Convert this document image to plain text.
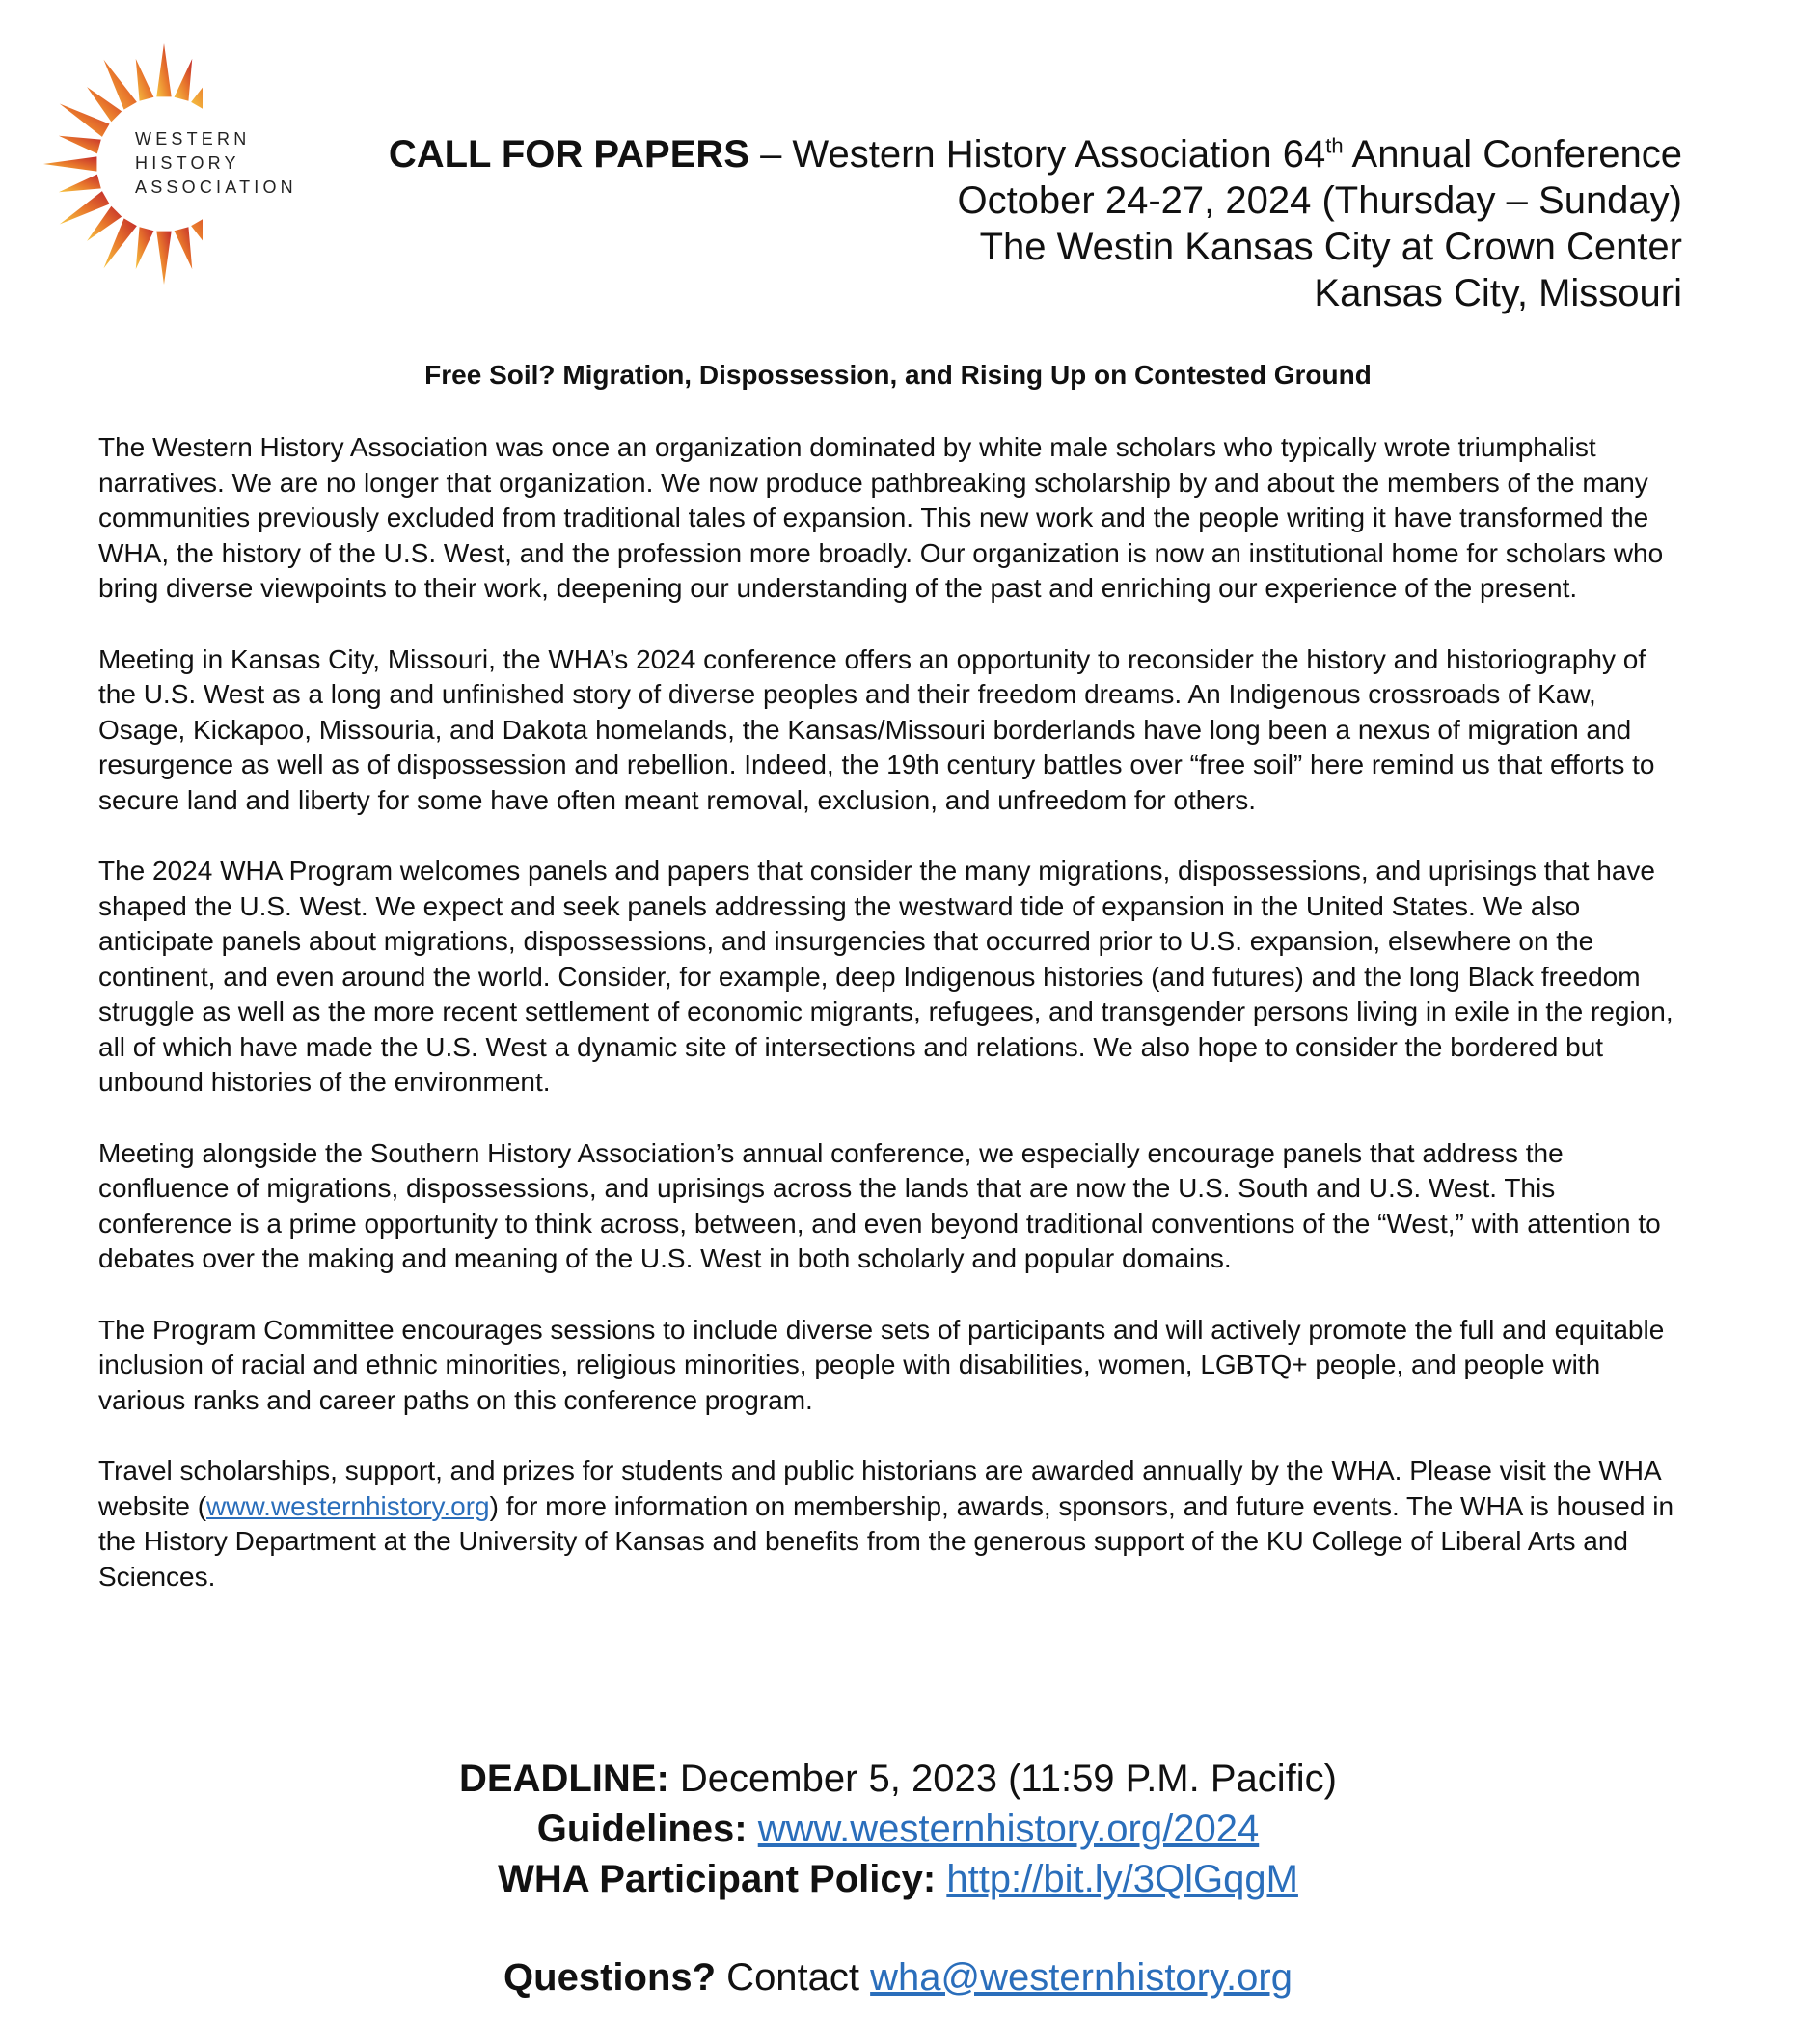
WESTERN
HISTORY
ASSOCIATION
CALL FOR PAPERS – Western History Association 64th Annual Conference
October 24-27, 2024 (Thursday – Sunday)
The Westin Kansas City at Crown Center
Kansas City, Missouri
Free Soil? Migration, Dispossession, and Rising Up on Contested Ground

The Western History Association was once an organization dominated by white male scholars who typically wrote triumphalist narratives. We are no longer that organization. We now produce pathbreaking scholarship by and about the members of the many communities previously excluded from traditional tales of expansion. This new work and the people writing it have transformed the WHA, the history of the U.S. West, and the profession more broadly. Our organization is now an institutional home for scholars who bring diverse viewpoints to their work, deepening our understanding of the past and enriching our experience of the present.

Meeting in Kansas City, Missouri, the WHA’s 2024 conference offers an opportunity to reconsider the history and historiography of the U.S. West as a long and unfinished story of diverse peoples and their freedom dreams. An Indigenous crossroads of Kaw, Osage, Kickapoo, Missouria, and Dakota homelands, the Kansas/Missouri borderlands have long been a nexus of migration and resurgence as well as of dispossession and rebellion. Indeed, the 19th century battles over “free soil” here remind us that efforts to secure land and liberty for some have often meant removal, exclusion, and unfreedom for others.

The 2024 WHA Program welcomes panels and papers that consider the many migrations, dispossessions, and uprisings that have shaped the U.S. West. We expect and seek panels addressing the westward tide of expansion in the United States. We also anticipate panels about migrations, dispossessions, and insurgencies that occurred prior to U.S. expansion, elsewhere on the continent, and even around the world. Consider, for example, deep Indigenous histories (and futures) and the long Black freedom struggle as well as the more recent settlement of economic migrants, refugees, and transgender persons living in exile in the region, all of which have made the U.S. West a dynamic site of intersections and relations. We also hope to consider the bordered but unbound histories of the environment.

Meeting alongside the Southern History Association’s annual conference, we especially encourage panels that address the confluence of migrations, dispossessions, and uprisings across the lands that are now the U.S. South and U.S. West. This conference is a prime opportunity to think across, between, and even beyond traditional conventions of the “West,” with attention to debates over the making and meaning of the U.S. West in both scholarly and popular domains.

The Program Committee encourages sessions to include diverse sets of participants and will actively promote the full and equitable inclusion of racial and ethnic minorities, religious minorities, people with disabilities, women, LGBTQ+ people, and people with various ranks and career paths on this conference program.

Travel scholarships, support, and prizes for students and public historians are awarded annually by the WHA. Please visit the WHA website (www.westernhistory.org) for more information on membership, awards, sponsors, and future events. The WHA is housed in the History Department at the University of Kansas and benefits from the generous support of the KU College of Liberal Arts and Sciences.

DEADLINE: December 5, 2023 (11:59 P.M. Pacific)
Guidelines: www.westernhistory.org/2024
WHA Participant Policy: http://bit.ly/3QlGqgM
Questions? Contact wha@westernhistory.org
